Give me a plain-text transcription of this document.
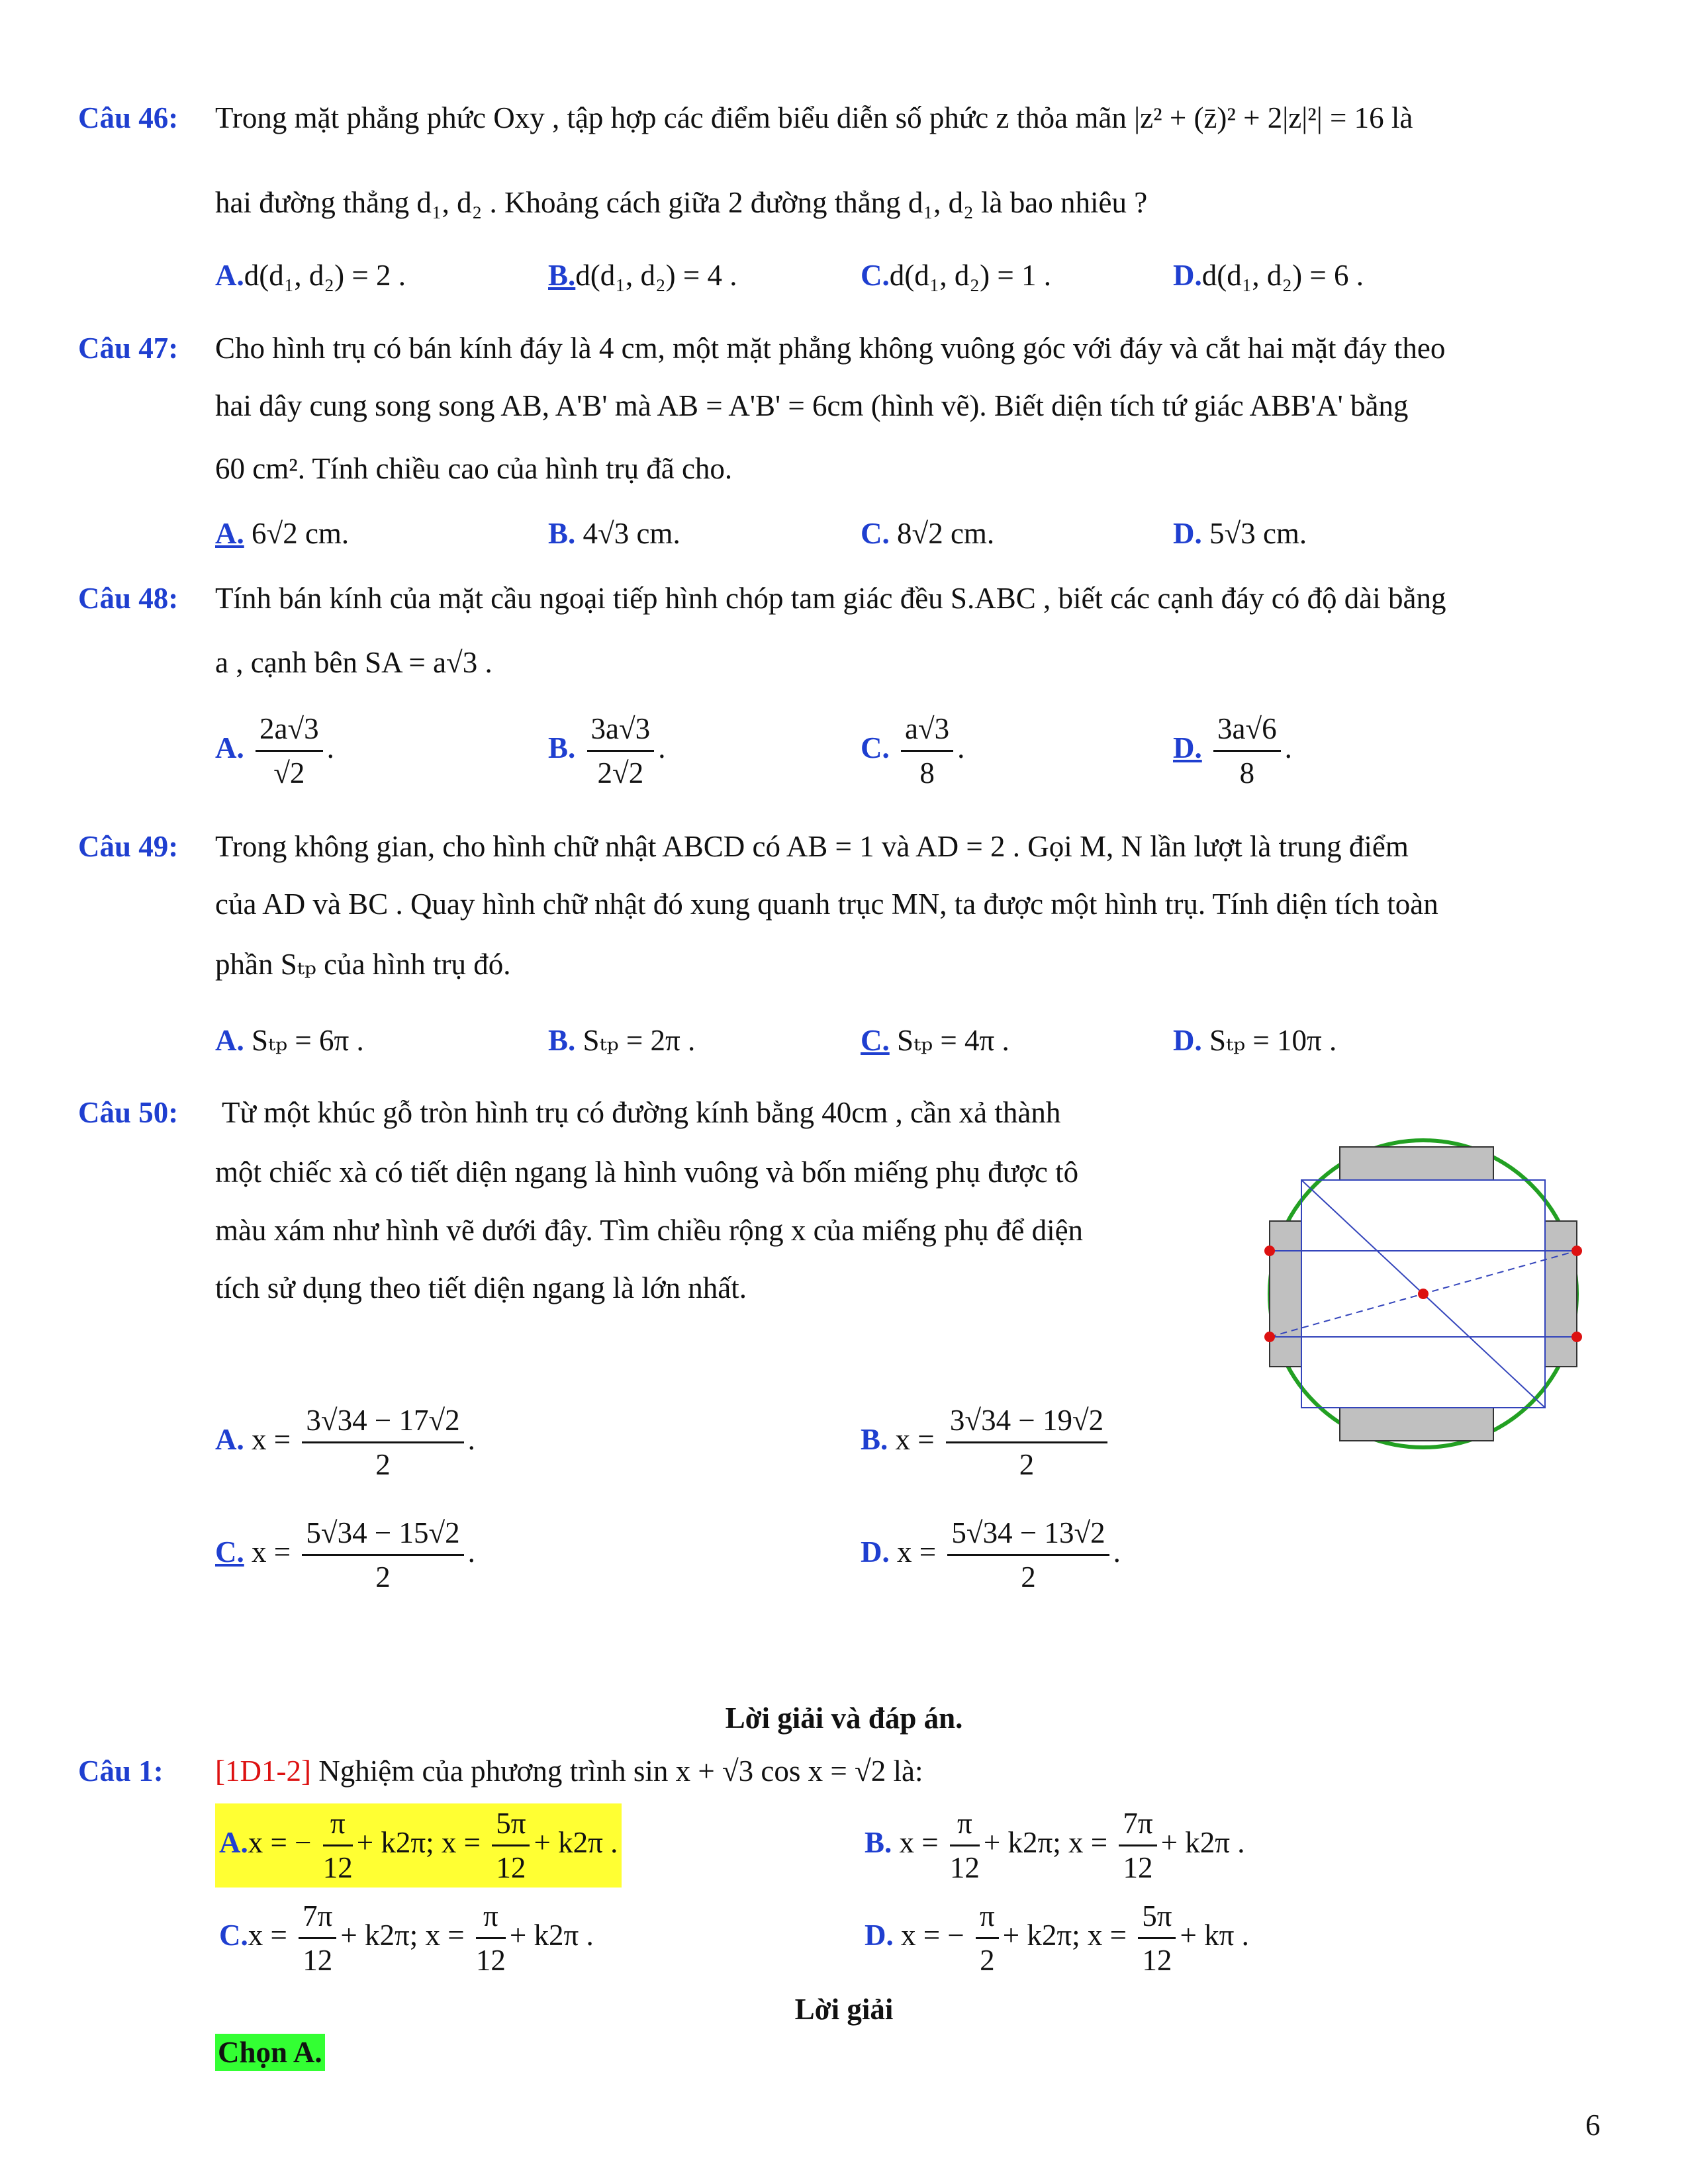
Câu 46: Trong mặt phẳng phức Oxy , tập hợp các điểm biểu diễn số phức z thỏa mãn |z² + (z̄)² + 2|z|²| = 16 là
hai đường thẳng d₁, d₂ . Khoảng cách giữa 2 đường thẳng d₁, d₂ là bao nhiêu ?
A.d(d₁, d₂) = 2 .	B.d(d₁, d₂) = 4 .	C.d(d₁, d₂) = 1 .	D.d(d₁, d₂) = 6 .
Câu 47: Cho hình trụ có bán kính đáy là 4 cm, một mặt phẳng không vuông góc với đáy và cắt hai mặt đáy theo
hai dây cung song song AB, A'B' mà AB = A'B' = 6cm (hình vẽ). Biết diện tích tứ giác ABB'A' bằng
60 cm². Tính chiều cao của hình trụ đã cho.
A. 6√2 cm.	B. 4√3 cm.	C. 8√2 cm.	D. 5√3 cm.
Câu 48: Tính bán kính của mặt cầu ngoại tiếp hình chóp tam giác đều S.ABC , biết các cạnh đáy có độ dài bằng
a , cạnh bên SA = a√3 .
A. $\frac{2a√3}{√2}$ .	B. $\frac{3a√3}{2√2}$ .	C. $\frac{a√3}{8}$ .	D. $\frac{3a√6}{8}$ .
Câu 49: Trong không gian, cho hình chữ nhật ABCD có AB = 1 và AD = 2 . Gọi M, N lần lượt là trung điểm
của AD và BC . Quay hình chữ nhật đó xung quanh trục MN, ta được một hình trụ. Tính diện tích toàn
phần Sₜₚ của hình trụ đó.
A. Sₜₚ = 6π .	B. Sₜₚ = 2π .	C. Sₜₚ = 4π .	D. Sₜₚ = 10π .
Câu 50: Từ một khúc gỗ tròn hình trụ có đường kính bằng 40cm , cần xả thành
một chiếc xà có tiết diện ngang là hình vuông và bốn miếng phụ được tô
màu xám như hình vẽ dưới đây. Tìm chiều rộng x của miếng phụ để diện
tích sử dụng theo tiết diện ngang là lớn nhất.
A. $x = \frac{3√34 - 17√2}{2}$ .	B. $x = \frac{3√34 - 19√2}{2}$
C. $x = \frac{5√34 - 15√2}{2}$ .	D. $x = \frac{5√34 - 13√2}{2}$ .
Lời giải và đáp án.
Câu 1: [1D1-2] Nghiệm của phương trình sin x + √3 cos x = √2 là:
A.x = − $\frac{\pi}{12} + k2\pi$; $x = \frac{5\pi}{12} + k2\pi$ .	B. $x = \frac{\pi}{12} + k2\pi$; $x = \frac{7\pi}{12} + k2\pi$ .
$C.x = \frac{7\pi}{12} + k2\pi$; $x = \frac{\pi}{12} + k2\pi$ .	D. x = − $\frac{\pi}{2} + k2\pi$; $x = \frac{5\pi}{12} + k\pi$ .
Lời giải
Chọn A.
6
